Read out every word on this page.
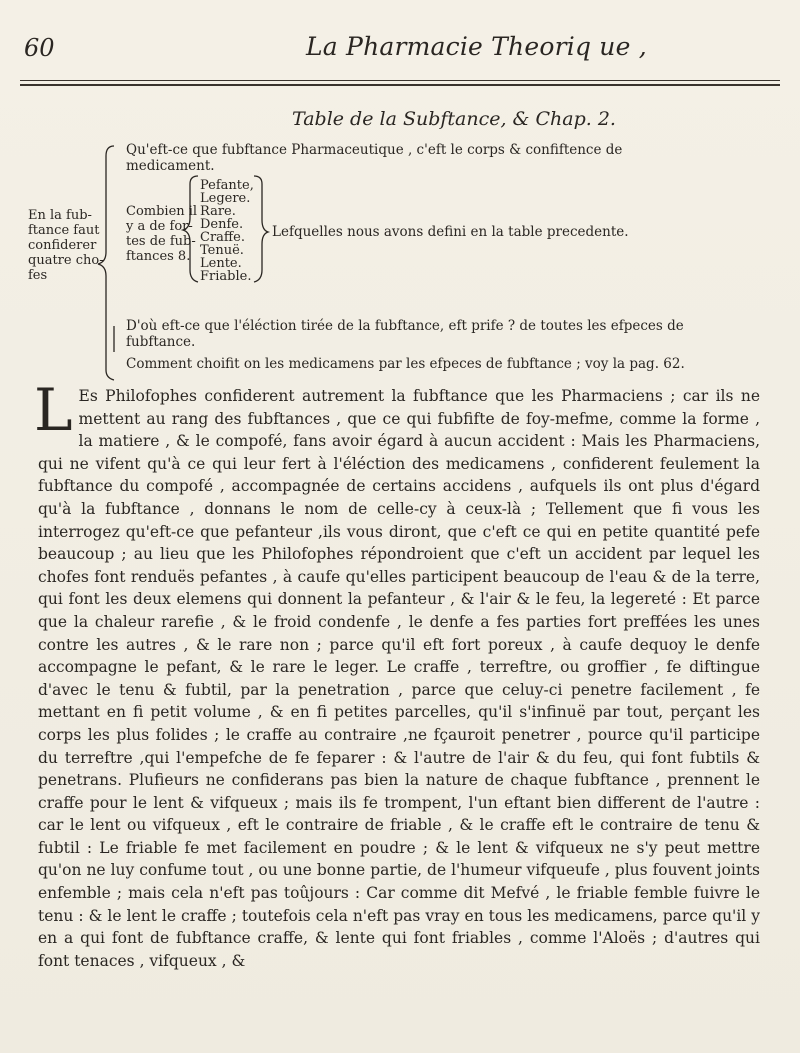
60	La Pharmacie Theoriq ue ,
Table de la Subftance, & Chap. 2.
En la fub-
ftance faut
confiderer
quatre cho-
fes
Qu'eft-ce que fubftance Pharmaceutique , c'eft le corps & confiftence de
medicament.
Combien il
y a de for-
tes de fub-
ftances 8.
Pefante,
Legere.
Rare.
Denfe.
Craffe.
Tenuë.
Lente.
Friable.
Lefquelles nous avons defini en la table precedente.
D'où eft-ce que l'éléction tirée de la fubftance, eft prife ? de toutes les efpeces de
fubftance.
Comment choifit on les medicamens par les efpeces de fubftance ; voy la pag. 62.
L Es Philofophes confiderent autrement la fubftance que les Pharmaciens ; car ils ne mettent au rang des fubftances , que ce qui fubfifte de foy-mefme, comme la forme , la matiere , & le compofé, fans avoir égard à aucun accident : Mais les Pharmaciens, qui ne vifent qu'à ce qui leur fert à l'éléction des medicamens , confiderent feulement la fubftance du compofé , accompagnée de certains accidens , aufquels ils ont plus d'égard qu'à la fubftance , donnans le nom de celle-cy à ceux-là ; Tellement que fi vous les interrogez qu'eft-ce que pefanteur ,ils vous diront, que c'eft ce qui en petite quantité pefe beaucoup ; au lieu que les Philofophes répondroient que c'eft un accident par lequel les chofes font renduës pefantes , à caufe qu'elles participent beaucoup de l'eau & de la terre, qui font les deux elemens qui donnent la pefanteur , & l'air & le feu, la legereté : Et parce que la chaleur rarefie , & le froid condenfe , le denfe a fes parties fort preffées les unes contre les autres , & le rare non ; parce qu'il eft fort poreux , à caufe dequoy le denfe accompagne le pefant, & le rare le leger. Le craffe , terreftre, ou groffier , fe diftingue d'avec le tenu & fubtil, par la penetration , parce que celuy-ci penetre facilement , fe mettant en fi petit volume , & en fi petites parcelles, qu'il s'infinuë par tout, perçant les corps les plus folides ; le craffe au contraire ,ne fçauroit penetrer , pource qu'il participe du terreftre ,qui l'empefche de fe feparer : & l'autre de l'air & du feu, qui font fubtils & penetrans. Plufieurs ne confiderans pas bien la nature de chaque fubftance , prennent le craffe pour le lent & vifqueux ; mais ils fe trompent, l'un eftant bien different de l'autre : car le lent ou vifqueux , eft le contraire de friable , & le craffe eft le contraire de tenu & fubtil : Le friable fe met facilement en poudre ; & le lent & vifqueux ne s'y peut mettre qu'on ne luy confume tout , ou une bonne partie, de l'humeur vifqueufe , plus fouvent joints enfemble ; mais cela n'eft pas toûjours : Car comme dit Mefvé , le friable femble fuivre le tenu : & le lent le craffe ; toutefois cela n'eft pas vray en tous les medicamens, parce qu'il y en a qui font de fubftance craffe, & lente qui font friables , comme l'Aloës ; d'autres qui font tenaces , vifqueux , &
